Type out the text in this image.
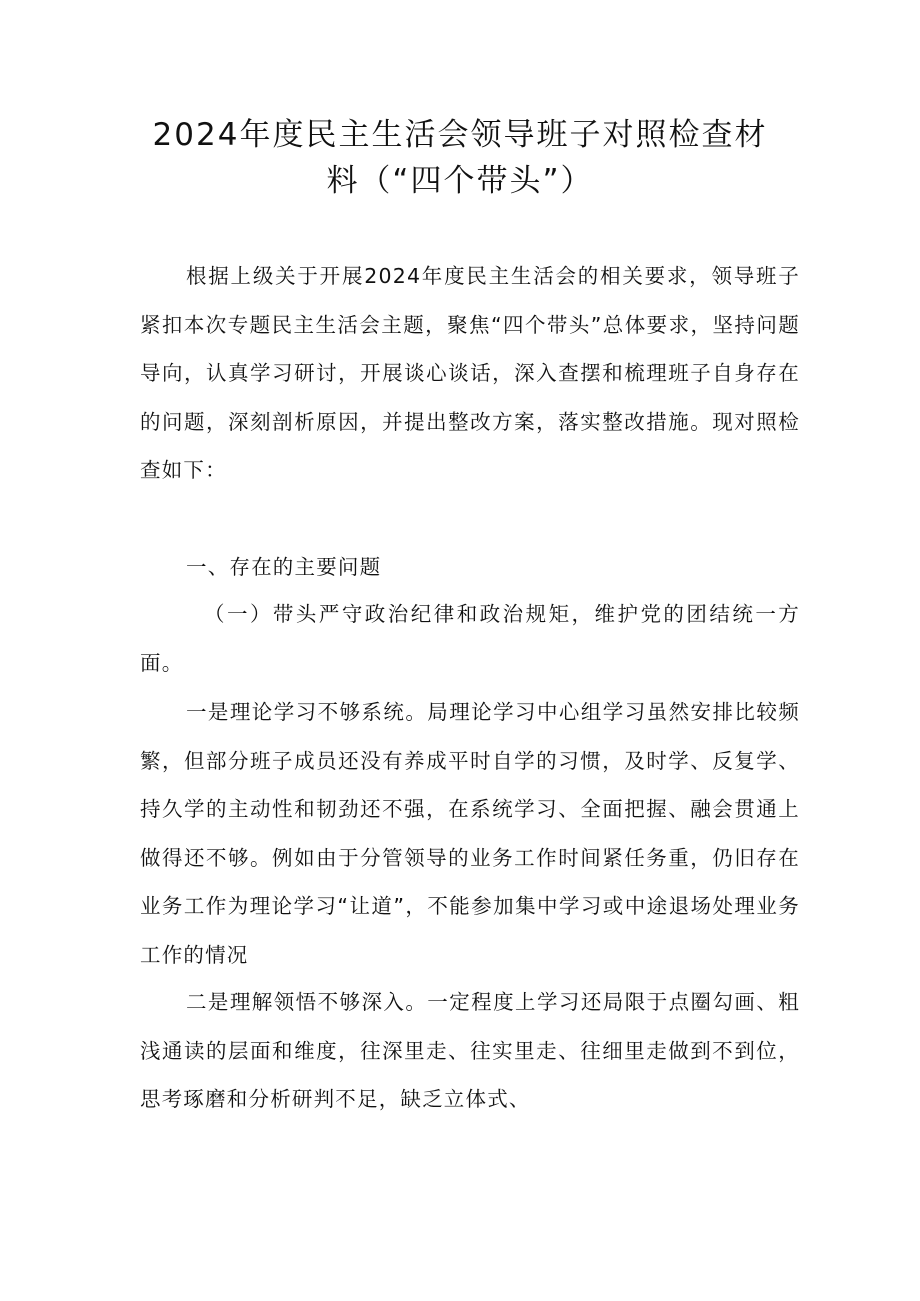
2024年度民主生活会领导班子对照检查材
料（“四个带头”）
根据上级关于开展2024年度民主生活会的相关要求，领导班子紧扣本次专题民主生活会主题，聚焦“四个带头”总体要求，坚持问题导向，认真学习研讨，开展谈心谈话，深入查摆和梳理班子自身存在的问题，深刻剖析原因，并提出整改方案，落实整改措施。现对照检查如下：
一、存在的主要问题
（一）带头严守政治纪律和政治规矩，维护党的团结统一方面。
一是理论学习不够系统。局理论学习中心组学习虽然安排比较频繁，但部分班子成员还没有养成平时自学的习惯，及时学、反复学、持久学的主动性和韧劲还不强，在系统学习、全面把握、融会贯通上做得还不够。例如由于分管领导的业务工作时间紧任务重，仍旧存在业务工作为理论学习“让道”，不能参加集中学习或中途退场处理业务工作的情况
二是理解领悟不够深入。一定程度上学习还局限于点圈勾画、粗浅通读的层面和维度，往深里走、往实里走、往细里走做到不到位，思考琢磨和分析研判不足，缺乏立体式、
